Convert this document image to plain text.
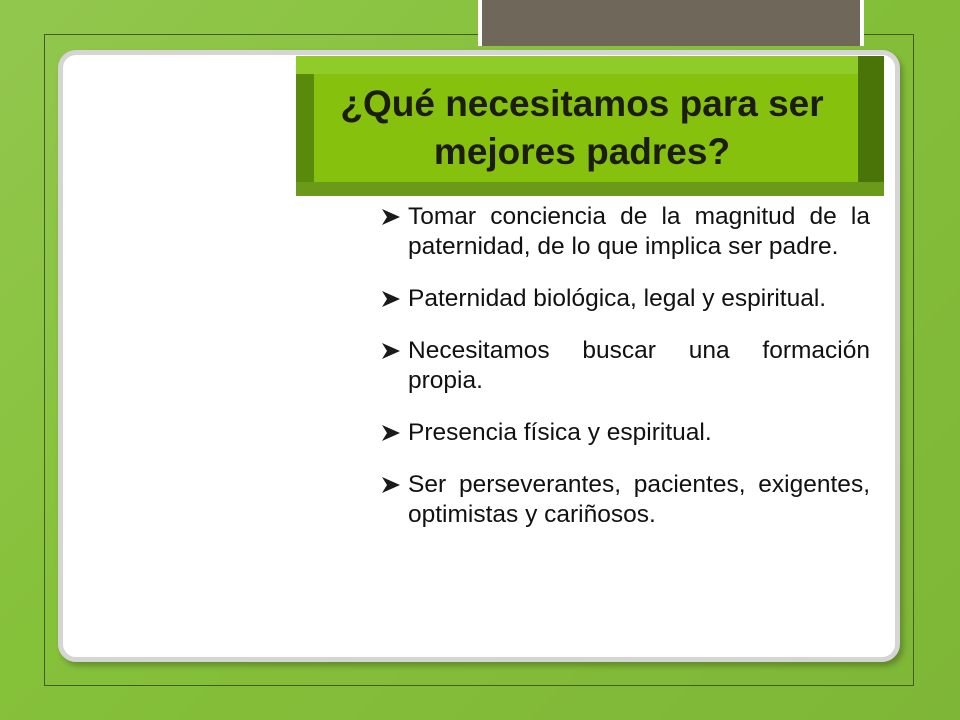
¿Qué necesitamos para ser mejores padres?
Tomar conciencia de la magnitud de la paternidad, de lo que implica ser padre.
Paternidad biológica, legal y espiritual.
Necesitamos buscar una formación propia.
Presencia física y espiritual.
Ser perseverantes, pacientes, exigentes, optimistas y cariñosos.
